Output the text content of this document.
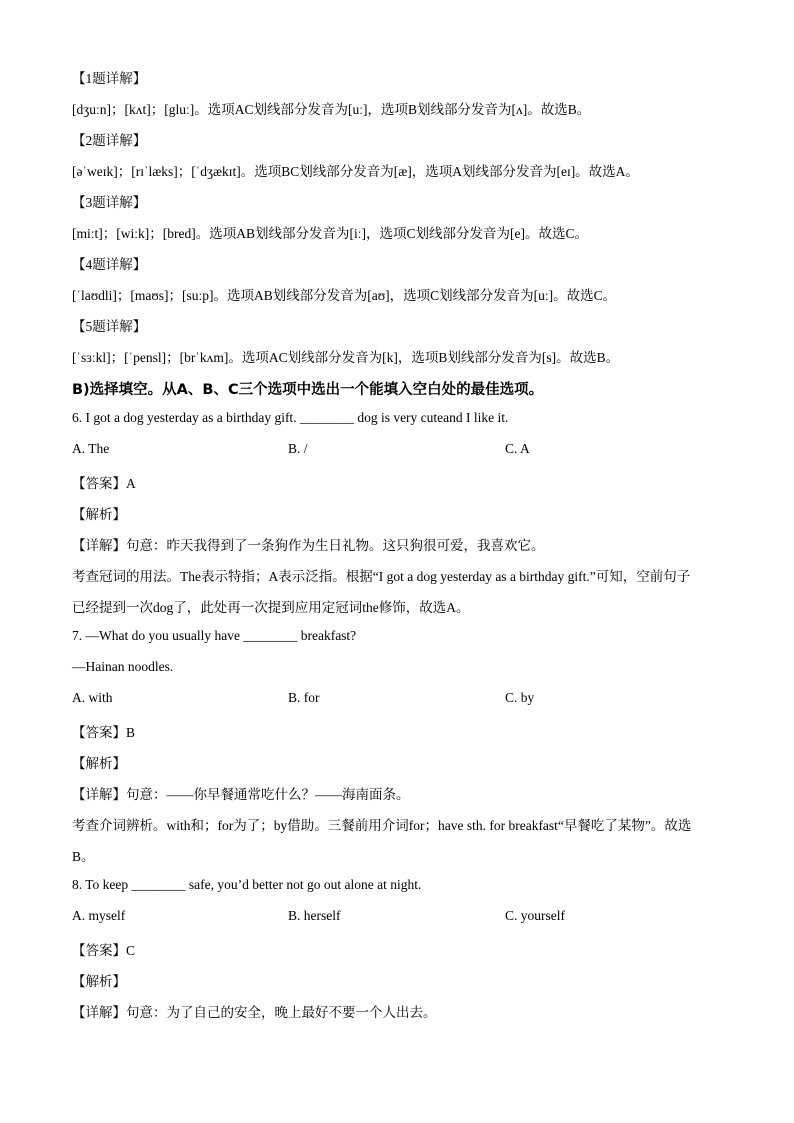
【1题详解】
[dʒuːn]；[kʌt]；[gluː]。选项AC划线部分发音为[uː]，选项B划线部分发音为[ʌ]。故选B。
【2题详解】
[əˈweɪk]；[rɪˈlæks]；[ˈdʒækɪt]。选项BC划线部分发音为[æ]，选项A划线部分发音为[eɪ]。故选A。
【3题详解】
[miːt]；[wiːk]；[bred]。选项AB划线部分发音为[iː]，选项C划线部分发音为[e]。故选C。
【4题详解】
[ˈlaʊdli]；[maʊs]；[suːp]。选项AB划线部分发音为[aʊ]，选项C划线部分发音为[uː]。故选C。
【5题详解】
[ˈsɜːkl]；[ˈpensl]；[brˈkʌm]。选项AC划线部分发音为[k]，选项B划线部分发音为[s]。故选B。
B)选择填空。从A、B、C三个选项中选出一个能填入空白处的最佳选项。
6. I got a dog yesterday as a birthday gift. ________ dog is very cuteand I like it.
A. The	B. /	C. A
【答案】A
【解析】
【详解】句意：昨天我得到了一条狗作为生日礼物。这只狗很可爱，我喜欢它。
考查冠词的用法。The表示特指；A表示泛指。根据“I got a dog yesterday as a birthday gift.”可知，空前句子
已经提到一次dog了，此处再一次提到应用定冠词the修饰，故选A。
7. —What do you usually have ________ breakfast?
—Hainan noodles.
A. with	B. for	C. by
【答案】B
【解析】
【详解】句意：——你早餐通常吃什么？——海南面条。
考查介词辨析。with和；for为了；by借助。三餐前用介词for；have sth. for breakfast“早餐吃了某物”。故选
B。
8. To keep ________ safe, you’d better not go out alone at night.
A. myself	B. herself	C. yourself
【答案】C
【解析】
【详解】句意：为了自己的安全，晚上最好不要一个人出去。
